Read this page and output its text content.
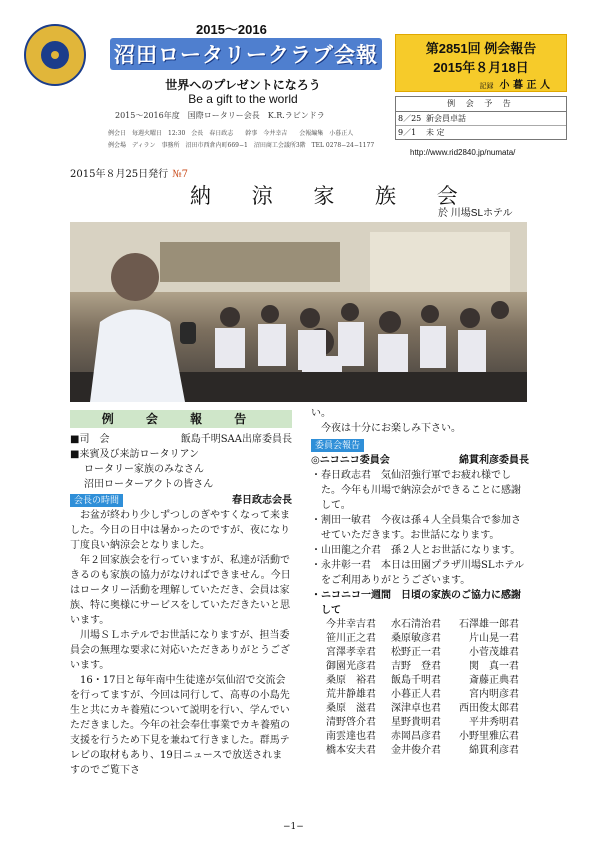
2015〜2016
沼田ロータリークラブ会報
世界へのプレゼントになろう
Be a gift to the world
2015〜2016年度　国際ロータリー会長　K.R.ラビンドラ
例会日　毎週火曜日　12:30　会長　春日政志　　幹事　今井幸吉　　会報編集　小暮正人
例会場　ディラン　事務所　沼田市西倉内町669−1　沼田商工会議所3階　TEL 0278−24−1177
第2851回 例会報告
2015年８月18日
記録 小 暮 正 人
例 会 予 告
8／25 新会員卓話
9／1 未 定
http://www.rid2840.jp/numata/
2015年８月25日発行 №7
納 涼 家 族 会
於 川場SLホテル
例 会 報 告
■司　会	飯島千明SAA出席委員長
■来賓及び来訪ロータリアン
ロータリー家族のみなさん
沼田ローターアクトの皆さん
会長の時間	春日政志会長
お盆が終わり少しずつしのぎやすくなって来ました。今日の日中は暑かったのですが、夜になり丁度良い納涼会となりました。
年２回家族会を行っていますが、私達が活動できるのも家族の協力がなければできません。今日はロータリー活動を理解していただき、会員は家族、特に奥様にサービスをしていただきたいと思います。
川場ＳＬホテルでお世話になりますが、担当委員会の無理な要求に対応いただきありがとうございます。
16・17日と毎年南中生徒達が気仙沼で交流会を行ってますが、今回は同行して、高専の小島先生と共にカキ養殖について説明を行い、学んでいただきました。今年の社会奉仕事業でカキ養殖の支援を行うため下見を兼ねて行きました。群馬テレビの取材もあり、19日ニュースで放送されますのでご覧下さ
い。
今夜は十分にお楽しみ下さい。
委員会報告
◎ニコニコ委員会	綿貫利彦委員長
・春日政志君　気仙沼強行軍でお疲れ様でした。今年も川場で納涼会ができることに感謝して。
・割田一敏君　今夜は孫４人全員集合で参加させていただきます。お世話になります。
・山田龍之介君　孫２人とお世話になります。
・永井彰一君　本日は田園プラザ川場SLホテルをご利用ありがとうございます。
・ニコニコ一週間　日頃の家族のご協力に感謝して
今井幸吉君	水石清治君	石澤雄一郎君
笹川正之君	桑原敏彦君	片山晃一君
宮澤孝幸君	松野正一君	小菅茂雄君
御園光彦君	吉野　登君	関　真一君
桑原　裕君	飯島千明君	斎藤正典君
荒井静雄君	小暮正人君	宮内明彦君
桑原　滋君	深津卓也君	西田俊太郎君
清野啓介君	星野貴明君	平井秀明君
南雲達也君	赤岡昌彦君	小野里雅広君
橋本安夫君	金井俊介君	綿貫利彦君
−1−
